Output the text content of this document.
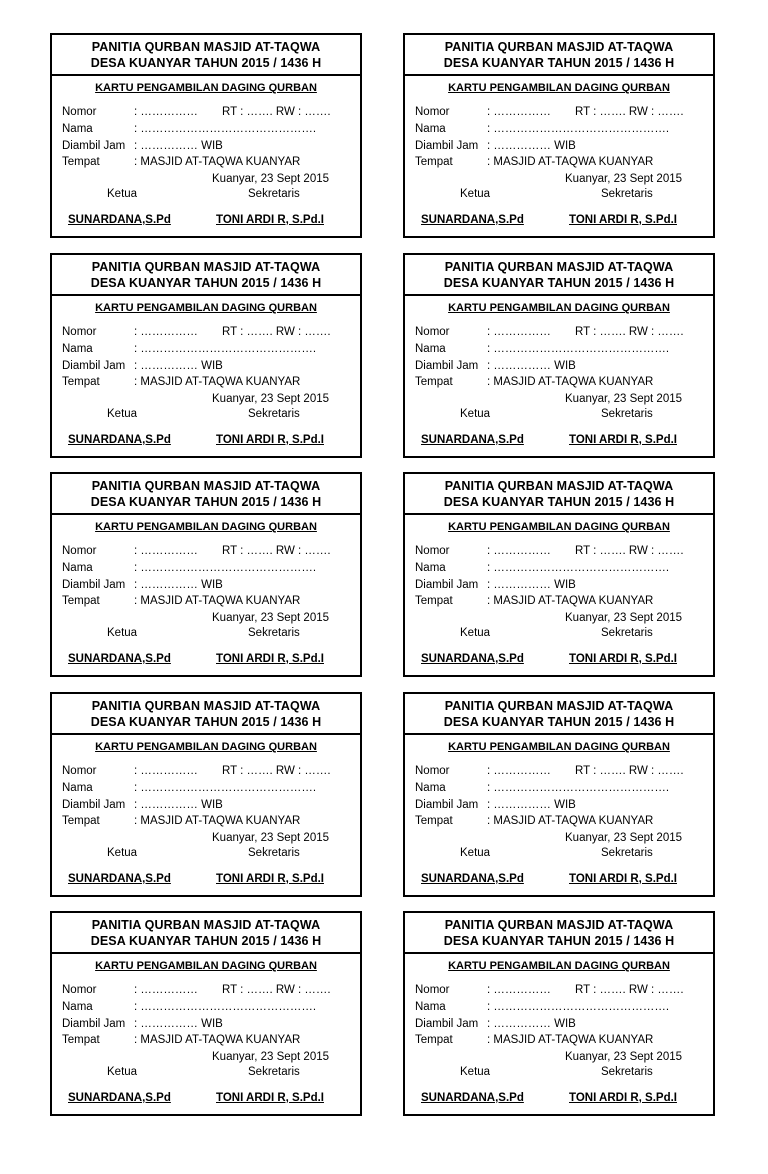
PANITIA QURBAN MASJID AT-TAQWA
DESA KUANYAR TAHUN 2015 / 1436 H
KARTU PENGAMBILAN DAGING QURBAN
Nomor	: …………… RT : ……. RW : …….
Nama	: ……………………………………….
Diambil Jam : …………… WIB
Tempat	: MASJID AT-TAQWA KUANYAR
Kuanyar, 23 Sept 2015
Ketua	Sekretaris
SUNARDANA,S.Pd	TONI ARDI R, S.Pd.I
PANITIA QURBAN MASJID AT-TAQWA
DESA KUANYAR TAHUN 2015 / 1436 H
KARTU PENGAMBILAN DAGING QURBAN
Nomor	: …………… RT : ……. RW : …….
Nama	: ……………………………………….
Diambil Jam : …………… WIB
Tempat	: MASJID AT-TAQWA KUANYAR
Kuanyar, 23 Sept 2015
Ketua	Sekretaris
SUNARDANA,S.Pd	TONI ARDI R, S.Pd.I
PANITIA QURBAN MASJID AT-TAQWA
DESA KUANYAR TAHUN 2015 / 1436 H
KARTU PENGAMBILAN DAGING QURBAN
Nomor	: …………… RT : ……. RW : …….
Nama	: ……………………………………….
Diambil Jam : …………… WIB
Tempat	: MASJID AT-TAQWA KUANYAR
Kuanyar, 23 Sept 2015
Ketua	Sekretaris
SUNARDANA,S.Pd	TONI ARDI R, S.Pd.I
PANITIA QURBAN MASJID AT-TAQWA
DESA KUANYAR TAHUN 2015 / 1436 H
KARTU PENGAMBILAN DAGING QURBAN
Nomor	: …………… RT : ……. RW : …….
Nama	: ……………………………………….
Diambil Jam : …………… WIB
Tempat	: MASJID AT-TAQWA KUANYAR
Kuanyar, 23 Sept 2015
Ketua	Sekretaris
SUNARDANA,S.Pd	TONI ARDI R, S.Pd.I
PANITIA QURBAN MASJID AT-TAQWA
DESA KUANYAR TAHUN 2015 / 1436 H
KARTU PENGAMBILAN DAGING QURBAN
Nomor	: …………… RT : ……. RW : …….
Nama	: ……………………………………….
Diambil Jam : …………… WIB
Tempat	: MASJID AT-TAQWA KUANYAR
Kuanyar, 23 Sept 2015
Ketua	Sekretaris
SUNARDANA,S.Pd	TONI ARDI R, S.Pd.I
PANITIA QURBAN MASJID AT-TAQWA
DESA KUANYAR TAHUN 2015 / 1436 H
KARTU PENGAMBILAN DAGING QURBAN
Nomor	: …………… RT : ……. RW : …….
Nama	: ……………………………………….
Diambil Jam : …………… WIB
Tempat	: MASJID AT-TAQWA KUANYAR
Kuanyar, 23 Sept 2015
Ketua	Sekretaris
SUNARDANA,S.Pd	TONI ARDI R, S.Pd.I
PANITIA QURBAN MASJID AT-TAQWA
DESA KUANYAR TAHUN 2015 / 1436 H
KARTU PENGAMBILAN DAGING QURBAN
Nomor	: …………… RT : ……. RW : …….
Nama	: ……………………………………….
Diambil Jam : …………… WIB
Tempat	: MASJID AT-TAQWA KUANYAR
Kuanyar, 23 Sept 2015
Ketua	Sekretaris
SUNARDANA,S.Pd	TONI ARDI R, S.Pd.I
PANITIA QURBAN MASJID AT-TAQWA
DESA KUANYAR TAHUN 2015 / 1436 H
KARTU PENGAMBILAN DAGING QURBAN
Nomor	: …………… RT : ……. RW : …….
Nama	: ……………………………………….
Diambil Jam : …………… WIB
Tempat	: MASJID AT-TAQWA KUANYAR
Kuanyar, 23 Sept 2015
Ketua	Sekretaris
SUNARDANA,S.Pd	TONI ARDI R, S.Pd.I
PANITIA QURBAN MASJID AT-TAQWA
DESA KUANYAR TAHUN 2015 / 1436 H
KARTU PENGAMBILAN DAGING QURBAN
Nomor	: …………… RT : ……. RW : …….
Nama	: ……………………………………….
Diambil Jam : …………… WIB
Tempat	: MASJID AT-TAQWA KUANYAR
Kuanyar, 23 Sept 2015
Ketua	Sekretaris
SUNARDANA,S.Pd	TONI ARDI R, S.Pd.I
PANITIA QURBAN MASJID AT-TAQWA
DESA KUANYAR TAHUN 2015 / 1436 H
KARTU PENGAMBILAN DAGING QURBAN
Nomor	: …………… RT : ……. RW : …….
Nama	: ……………………………………….
Diambil Jam : …………… WIB
Tempat	: MASJID AT-TAQWA KUANYAR
Kuanyar, 23 Sept 2015
Ketua	Sekretaris
SUNARDANA,S.Pd	TONI ARDI R, S.Pd.I
